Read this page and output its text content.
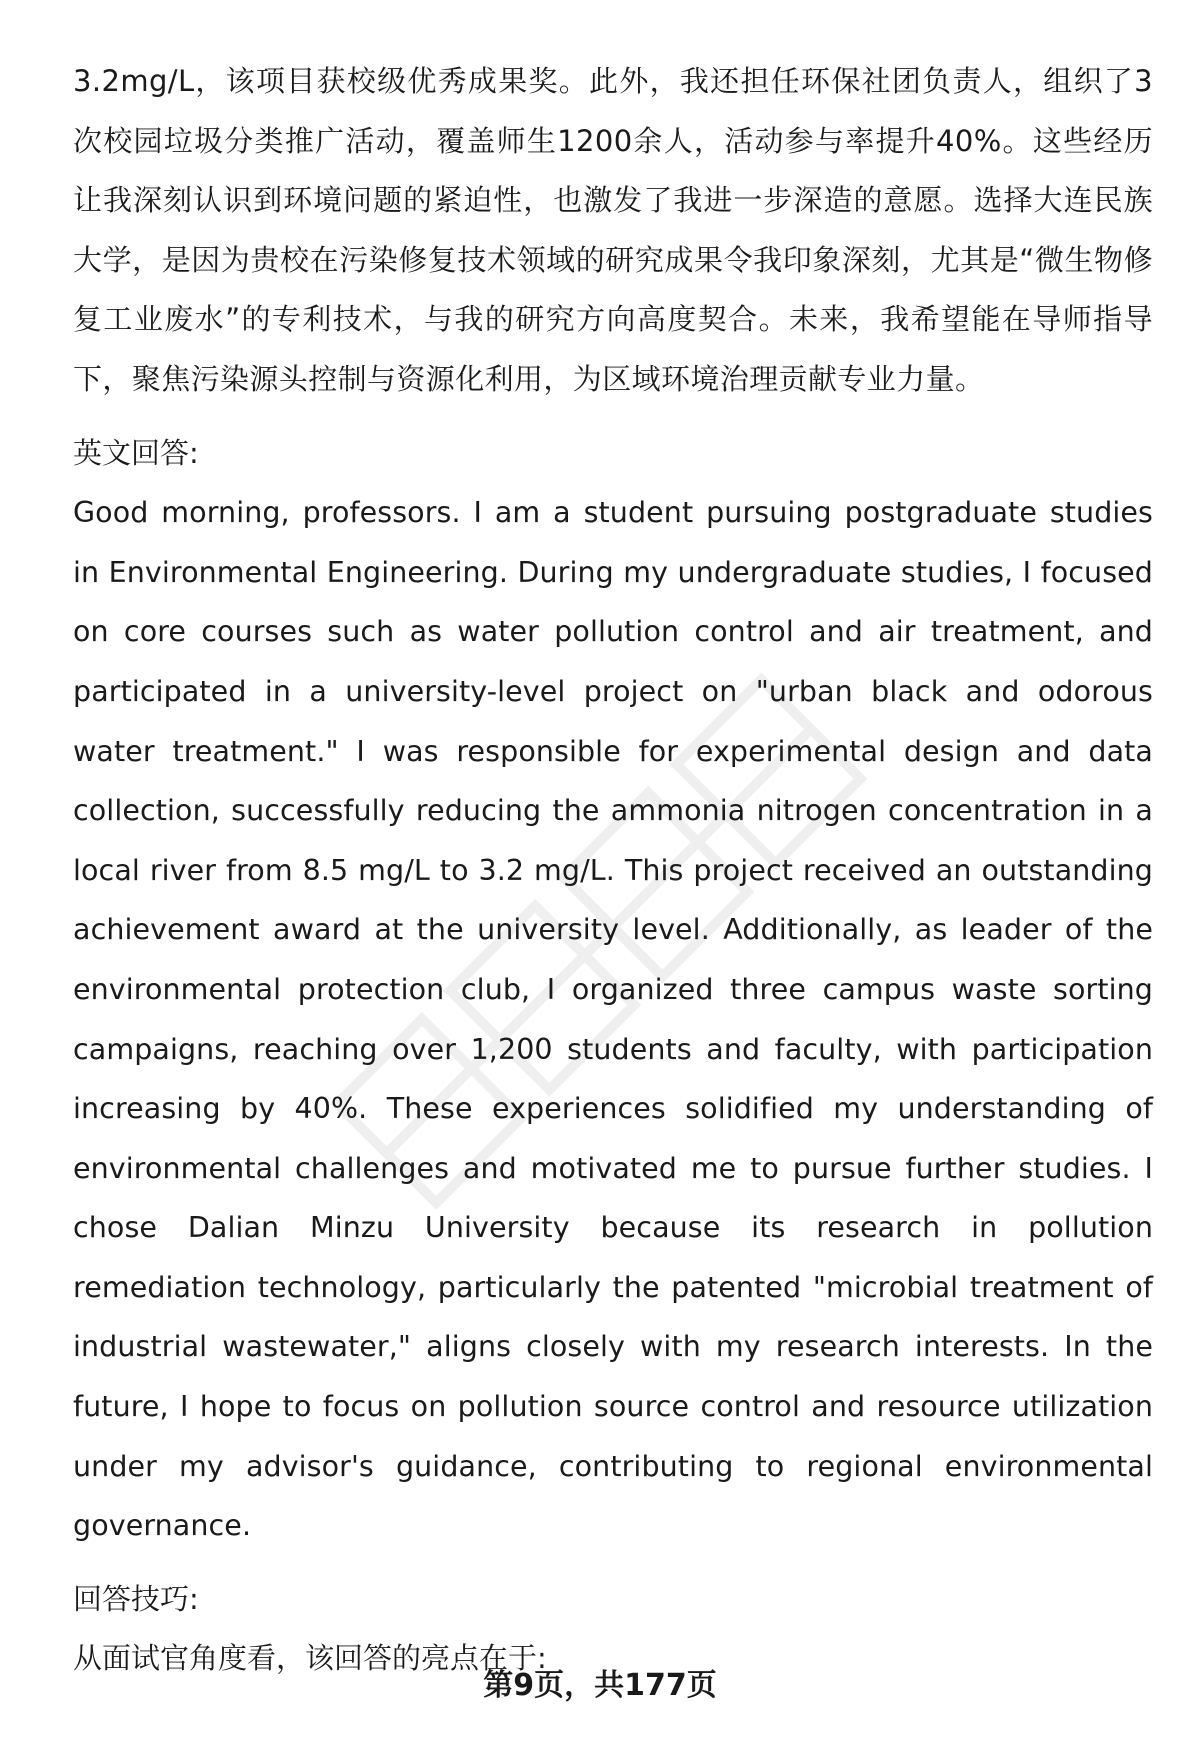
3.2mg/L，该项目获校级优秀成果奖。此外，我还担任环保社团负责人，组织了3次校园垃圾分类推广活动，覆盖师生1200余人，活动参与率提升40%。这些经历让我深刻认识到环境问题的紧迫性，也激发了我进一步深造的意愿。选择大连民族大学，是因为贵校在污染修复技术领域的研究成果令我印象深刻，尤其是“微生物修复工业废水”的专利技术，与我的研究方向高度契合。未来，我希望能在导师指导下，聚焦污染源头控制与资源化利用，为区域环境治理贡献专业力量。

英文回答:

Good morning, professors. I am a student pursuing postgraduate studies in Environmental Engineering. During my undergraduate studies, I focused on core courses such as water pollution control and air treatment, and participated in a university-level project on "urban black and odorous water treatment." I was responsible for experimental design and data collection, successfully reducing the ammonia nitrogen concentration in a local river from 8.5 mg/L to 3.2 mg/L. This project received an outstanding achievement award at the university level. Additionally, as leader of the environmental protection club, I organized three campus waste sorting campaigns, reaching over 1,200 students and faculty, with participation increasing by 40%. These experiences solidified my understanding of environmental challenges and motivated me to pursue further studies. I chose Dalian Minzu University because its research in pollution remediation technology, particularly the patented "microbial treatment of industrial wastewater," aligns closely with my research interests. In the future, I hope to focus on pollution source control and resource utilization under my advisor's guidance, contributing to regional environmental governance.

回答技巧:

从面试官角度看，该回答的亮点在于:

第9页，共177页
